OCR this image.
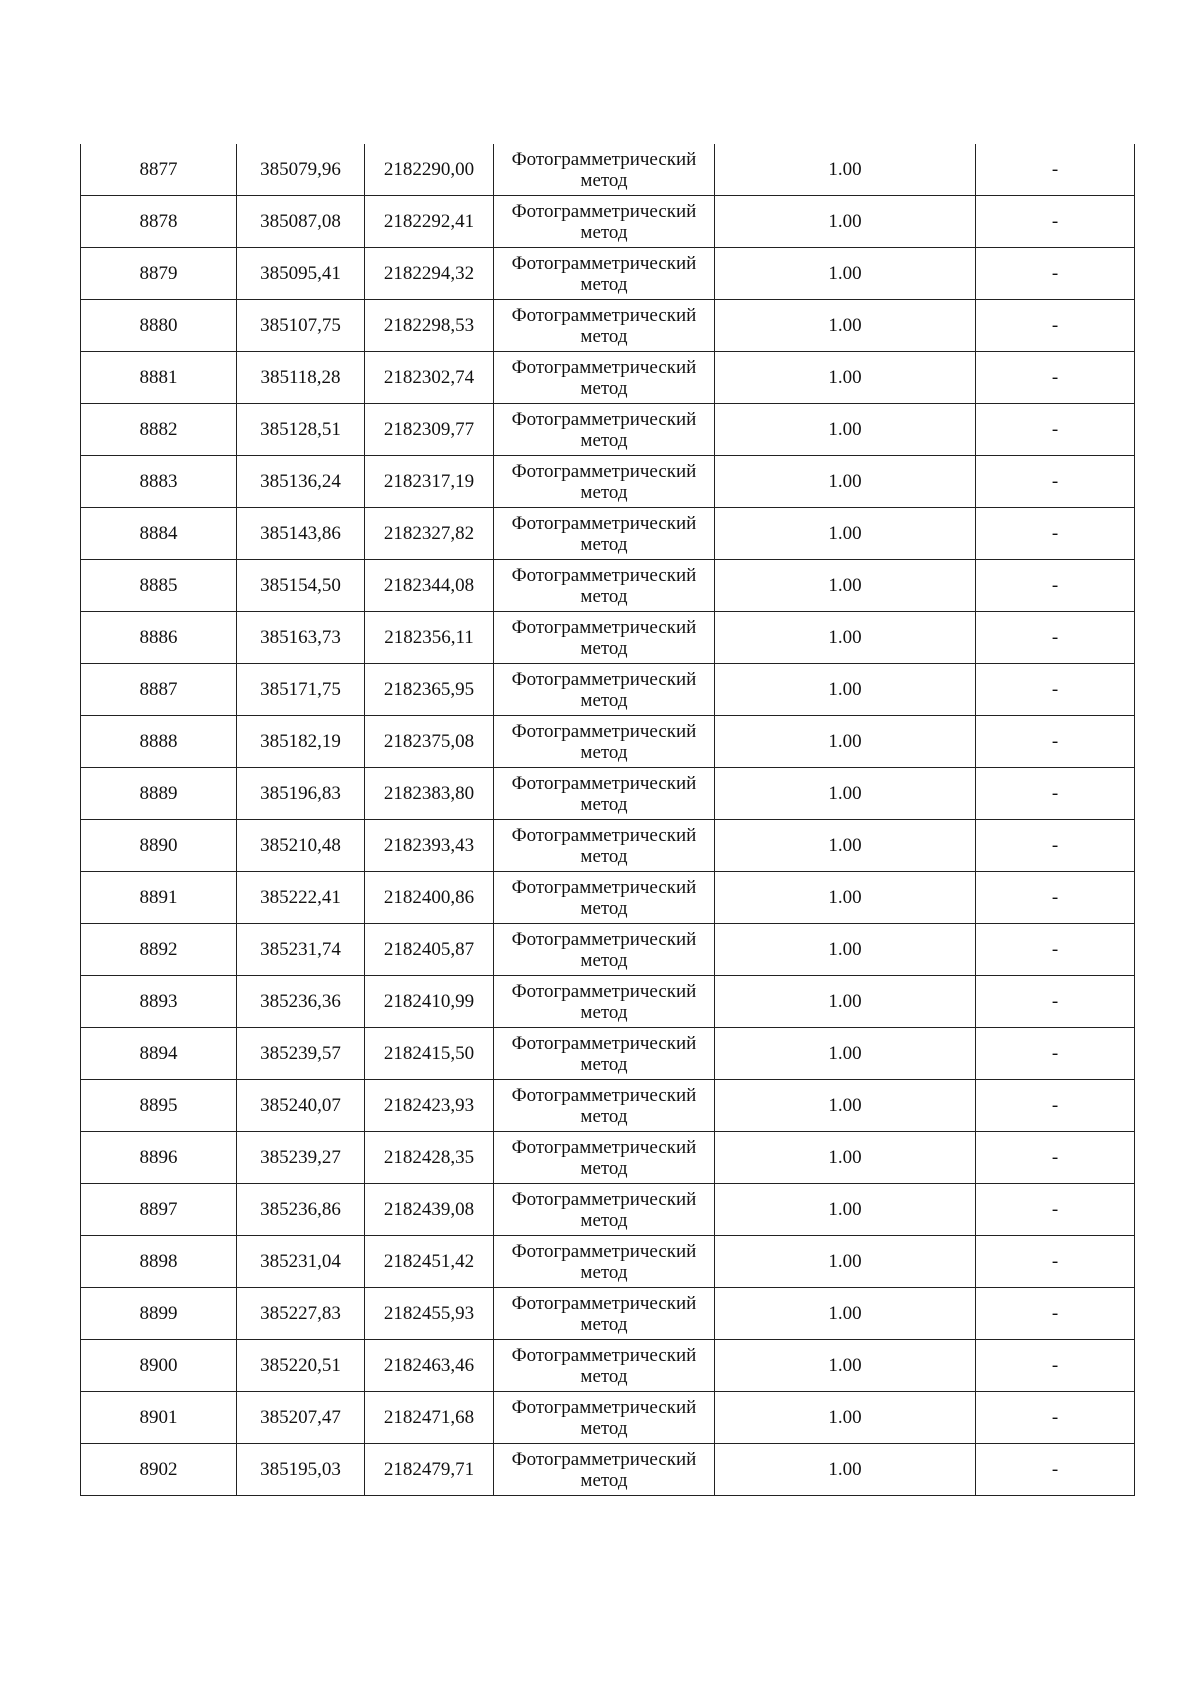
8877	385079,96	2182290,00	Фотограмметрический метод	1.00	-
8878	385087,08	2182292,41	Фотограмметрический метод	1.00	-
8879	385095,41	2182294,32	Фотограмметрический метод	1.00	-
8880	385107,75	2182298,53	Фотограмметрический метод	1.00	-
8881	385118,28	2182302,74	Фотограмметрический метод	1.00	-
8882	385128,51	2182309,77	Фотограмметрический метод	1.00	-
8883	385136,24	2182317,19	Фотограмметрический метод	1.00	-
8884	385143,86	2182327,82	Фотограмметрический метод	1.00	-
8885	385154,50	2182344,08	Фотограмметрический метод	1.00	-
8886	385163,73	2182356,11	Фотограмметрический метод	1.00	-
8887	385171,75	2182365,95	Фотограмметрический метод	1.00	-
8888	385182,19	2182375,08	Фотограмметрический метод	1.00	-
8889	385196,83	2182383,80	Фотограмметрический метод	1.00	-
8890	385210,48	2182393,43	Фотограмметрический метод	1.00	-
8891	385222,41	2182400,86	Фотограмметрический метод	1.00	-
8892	385231,74	2182405,87	Фотограмметрический метод	1.00	-
8893	385236,36	2182410,99	Фотограмметрический метод	1.00	-
8894	385239,57	2182415,50	Фотограмметрический метод	1.00	-
8895	385240,07	2182423,93	Фотограмметрический метод	1.00	-
8896	385239,27	2182428,35	Фотограмметрический метод	1.00	-
8897	385236,86	2182439,08	Фотограмметрический метод	1.00	-
8898	385231,04	2182451,42	Фотограмметрический метод	1.00	-
8899	385227,83	2182455,93	Фотограмметрический метод	1.00	-
8900	385220,51	2182463,46	Фотограмметрический метод	1.00	-
8901	385207,47	2182471,68	Фотограмметрический метод	1.00	-
8902	385195,03	2182479,71	Фотограмметрический метод	1.00	-
